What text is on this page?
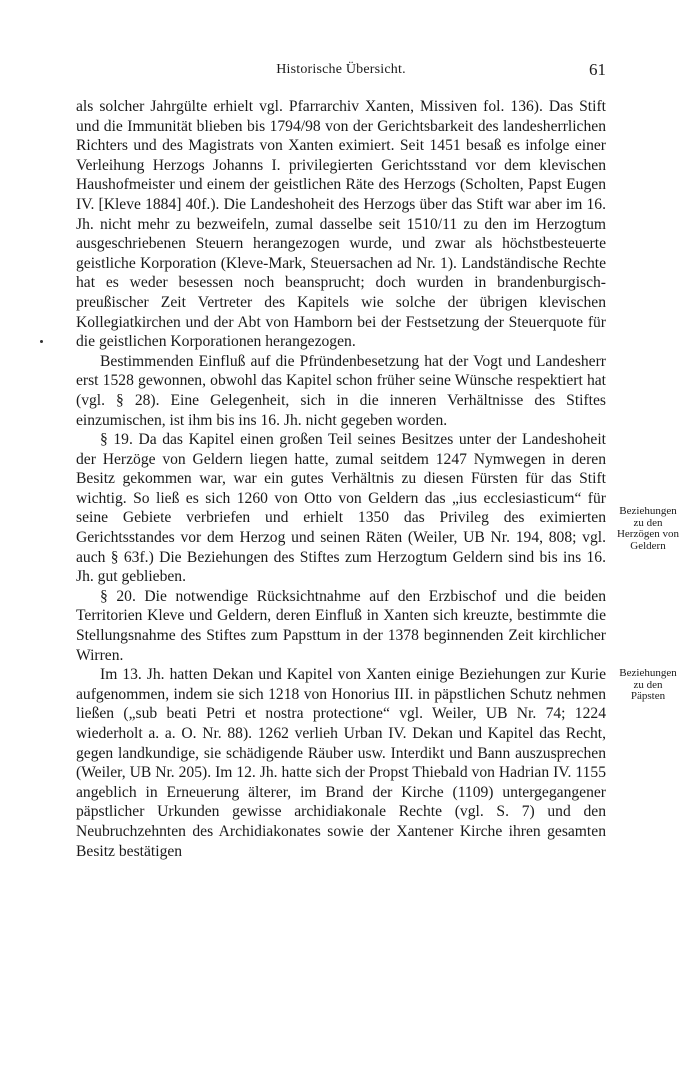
Historische Übersicht.	61

als solcher Jahrgülte erhielt vgl. Pfarrarchiv Xanten, Missiven fol. 136). Das Stift und die Immunität blieben bis 1794/98 von der Gerichtsbarkeit des landesherrlichen Richters und des Magistrats von Xanten eximiert. Seit 1451 besaß es infolge einer Verleihung Herzogs Johanns I. privilegierten Gerichtsstand vor dem klevischen Haushofmeister und einem der geistlichen Räte des Herzogs (Scholten, Papst Eugen IV. [Kleve 1884] 40f.). Die Landeshoheit des Herzogs über das Stift war aber im 16. Jh. nicht mehr zu bezweifeln, zumal dasselbe seit 1510/11 zu den im Herzogtum ausgeschriebenen Steuern herangezogen wurde, und zwar als höchstbesteuerte geistliche Korporation (Kleve-Mark, Steuersachen ad Nr. 1). Landständische Rechte hat es weder besessen noch beansprucht; doch wurden in brandenburgisch-preußischer Zeit Vertreter des Kapitels wie solche der übrigen klevischen Kollegiatkirchen und der Abt von Hamborn bei der Festsetzung der Steuerquote für die geistlichen Korporationen herangezogen.

Bestimmenden Einfluß auf die Pfründenbesetzung hat der Vogt und Landesherr erst 1528 gewonnen, obwohl das Kapitel schon früher seine Wünsche respektiert hat (vgl. § 28). Eine Gelegenheit, sich in die inneren Verhältnisse des Stiftes einzumischen, ist ihm bis ins 16. Jh. nicht gegeben worden.

§ 19. Da das Kapitel einen großen Teil seines Besitzes unter der Landeshoheit der Herzöge von Geldern liegen hatte, zumal seitdem 1247 Nymwegen in deren Besitz gekommen war, war ein gutes Verhältnis zu diesen Fürsten für das Stift wichtig. So ließ es sich 1260 von Otto von Geldern das „ius ecclesiasticum“ für seine Gebiete verbriefen und erhielt 1350 das Privileg des eximierten Gerichtsstandes vor dem Herzog und seinen Räten (Weiler, UB Nr. 194, 808; vgl. auch § 63f.) Die Beziehungen des Stiftes zum Herzogtum Geldern sind bis ins 16. Jh. gut geblieben.

§ 20. Die notwendige Rücksichtnahme auf den Erzbischof und die beiden Territorien Kleve und Geldern, deren Einfluß in Xanten sich kreuzte, bestimmte die Stellungsnahme des Stiftes zum Papsttum in der 1378 beginnenden Zeit kirchlicher Wirren.

Im 13. Jh. hatten Dekan und Kapitel von Xanten einige Beziehungen zur Kurie aufgenommen, indem sie sich 1218 von Honorius III. in päpstlichen Schutz nehmen ließen („sub beati Petri et nostra protectione“ vgl. Weiler, UB Nr. 74; 1224 wiederholt a. a. O. Nr. 88). 1262 verlieh Urban IV. Dekan und Kapitel das Recht, gegen landkundige, sie schädigende Räuber usw. Interdikt und Bann auszusprechen (Weiler, UB Nr. 205). Im 12. Jh. hatte sich der Propst Thiebald von Hadrian IV. 1155 angeblich in Erneuerung älterer, im Brand der Kirche (1109) untergegangener päpstlicher Urkunden gewisse archidiakonale Rechte (vgl. S. 7) und den Neubruchzehnten des Archidiakonates sowie der Xantener Kirche ihren gesamten Besitz bestätigen

Beziehungen
zu den
Herzögen von
Geldern
Beziehungen
zu den
Päpsten
